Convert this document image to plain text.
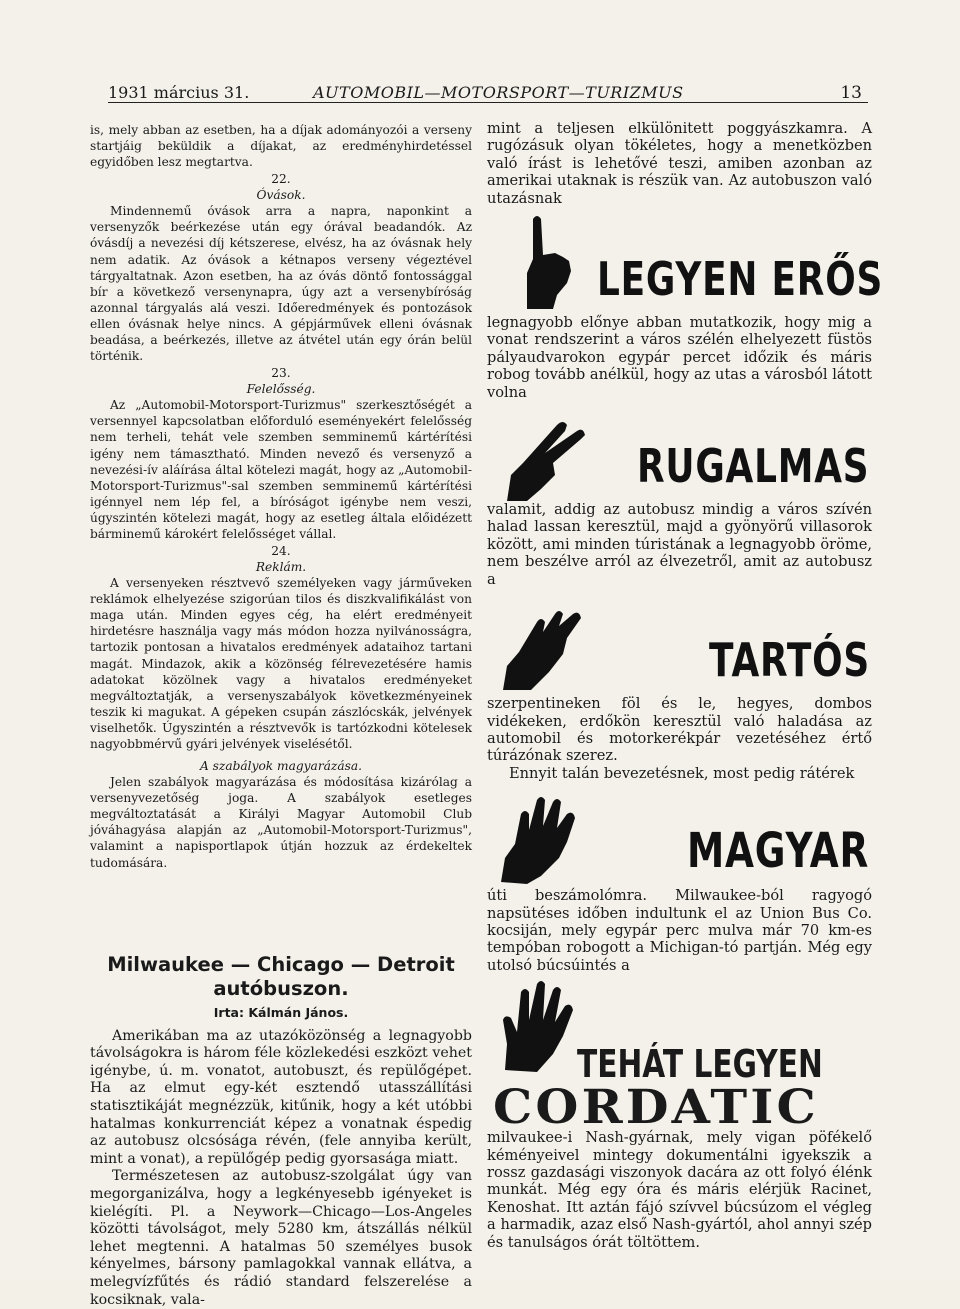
1931 március 31.	AUTOMOBIL—MOTORSPORT—TURIZMUS	13

is, mely abban az esetben, ha a díjak adományozói a verseny startjáig beküldik a díjakat, az eredményhirdetéssel egyidőben lesz megtartva.

22.
Óvások.

Mindennemű óvások arra a napra, naponkint a versenyzők beérkezése után egy órával beadandók. Az óvásdíj a nevezési díj kétszerese, elvész, ha az óvásnak hely nem adatik. Az óvások a kétnapos verseny végeztével tárgyaltatnak. Azon esetben, ha az óvás döntő fontossággal bír a következő versenynapra, úgy azt a versenybíróság azonnal tárgyalás alá veszi. Időeredmények és pontozások ellen óvásnak helye nincs. A gépjárművek elleni óvásnak beadása, a beérkezés, illetve az átvétel után egy órán belül történik.

23.
Felelősség.

Az „Automobil-Motorsport-Turizmus" szerkesztőségét a versennyel kapcsolatban előforduló eseményekért felelősség nem terheli, tehát vele szemben semminemű kártérítési igény nem támasztható. Minden nevező és versenyző a nevezési-ív aláírása által kötelezi magát, hogy az „Automobil-Motorsport-Turizmus"-sal szemben semminemű kártérítési igénnyel nem lép fel, a bíróságot igénybe nem veszi, úgyszintén kötelezi magát, hogy az esetleg általa előidézett bárminemű károkért felelősséget vállal.

24.
Reklám.

A versenyeken résztvevő személyeken vagy járműveken reklámok elhelyezése szigorúan tilos és diszkvalifikálást von maga után. Minden egyes cég, ha elért eredményeit hirdetésre használja vagy más módon hozza nyilvánosságra, tartozik pontosan a hivatalos eredmények adataihoz tartani magát. Mindazok, akik a közönség félrevezetésére hamis adatokat közölnek vagy a hivatalos eredményeket megváltoztatják, a versenyszabályok következményeinek teszik ki magukat. A gépeken csupán zászlócskák, jelvények viselhetők. Úgyszintén a résztvevők is tartózkodni kötelesek nagyobbmérvű gyári jelvények viselésétől.

A szabályok magyarázása.

Jelen szabályok magyarázása és módosítása kizárólag a versenyvezetőség joga. A szabályok esetleges megváltoztatását a Királyi Magyar Automobil Club jóváhagyása alapján az „Automobil-Motorsport-Turizmus", valamint a napisportlapok útján hozzuk az érdekeltek tudomására.

Milwaukee — Chicago — Detroit
autóbuszon.
Irta: Kálmán János.

Amerikában ma az utazóközönség a legnagyobb távolságokra is három féle közlekedési eszközt vehet igénybe, ú. m. vonatot, autobuszt, és repülőgépet. Ha az elmut egy-két esztendő utasszállítási statisztikáját megnézzük, kitűnik, hogy a két utóbbi hatalmas konkurrenciát képez a vonatnak éspedig az autobusz olcsósága révén, (fele annyiba került, mint a vonat), a repülőgép pedig gyorsasága miatt.

Természetesen az autobusz-szolgálat úgy van megorganizálva, hogy a legkényesebb igényeket is kielégíti. Pl. a Neywork—Chicago—Los-Angeles közötti távolságot, mely 5280 km, átszállás nélkül lehet megtenni. A hatalmas 50 személyes busok kényelmes, bársony pamlagokkal vannak ellátva, a melegvízfűtés és rádió standard felszerelése a kocsiknak, vala-

mint a teljesen elkülönitett poggyászkamra. A rugózásuk olyan tökéletes, hogy a menetközben való írást is lehetővé teszi, amiben azonban az amerikai utaknak is részük van. Az autobuszon való utazásnak

LEGYEN ERŐS

legnagyobb előnye abban mutatkozik, hogy mig a vonat rendszerint a város szélén elhelyezett füstös pályaudvarokon egypár percet időzik és máris robog tovább anélkül, hogy az utas a városból látott volna

RUGALMAS

valamit, addig az autobusz mindig a város szívén halad lassan keresztül, majd a gyönyörű villasorok között, ami minden túristának a legnagyobb öröme, nem beszélve arról az élvezetről, amit az autobusz a

TARTÓS

szerpentineken föl és le, hegyes, dombos vidékeken, erdőkön keresztül való haladása az automobil és motorkerékpár vezetéséhez értő túrázónak szerez.

Ennyit talán bevezetésnek, most pedig rátérek

MAGYAR

úti beszámolómra. Milwaukee-ból ragyogó napsütéses időben indultunk el az Union Bus Co. kocsiján, mely egypár perc mulva már 70 km-es tempóban robogott a Michigan-tó partján. Még egy utolsó búcsúintés a

TEHÁT LEGYEN
CORDATIC

milvaukee-i Nash-gyárnak, mely vigan pöfékelő kéményeivel mintegy dokumentálni igyekszik a rossz gazdasági viszonyok dacára az ott folyó élénk munkát. Még egy óra és máris elérjük Racinet, Kenoshat. Itt aztán fájó szívvel búcsúzom el végleg a harmadik, azaz első Nash-gyártól, ahol annyi szép és tanulságos órát töltöttem.
